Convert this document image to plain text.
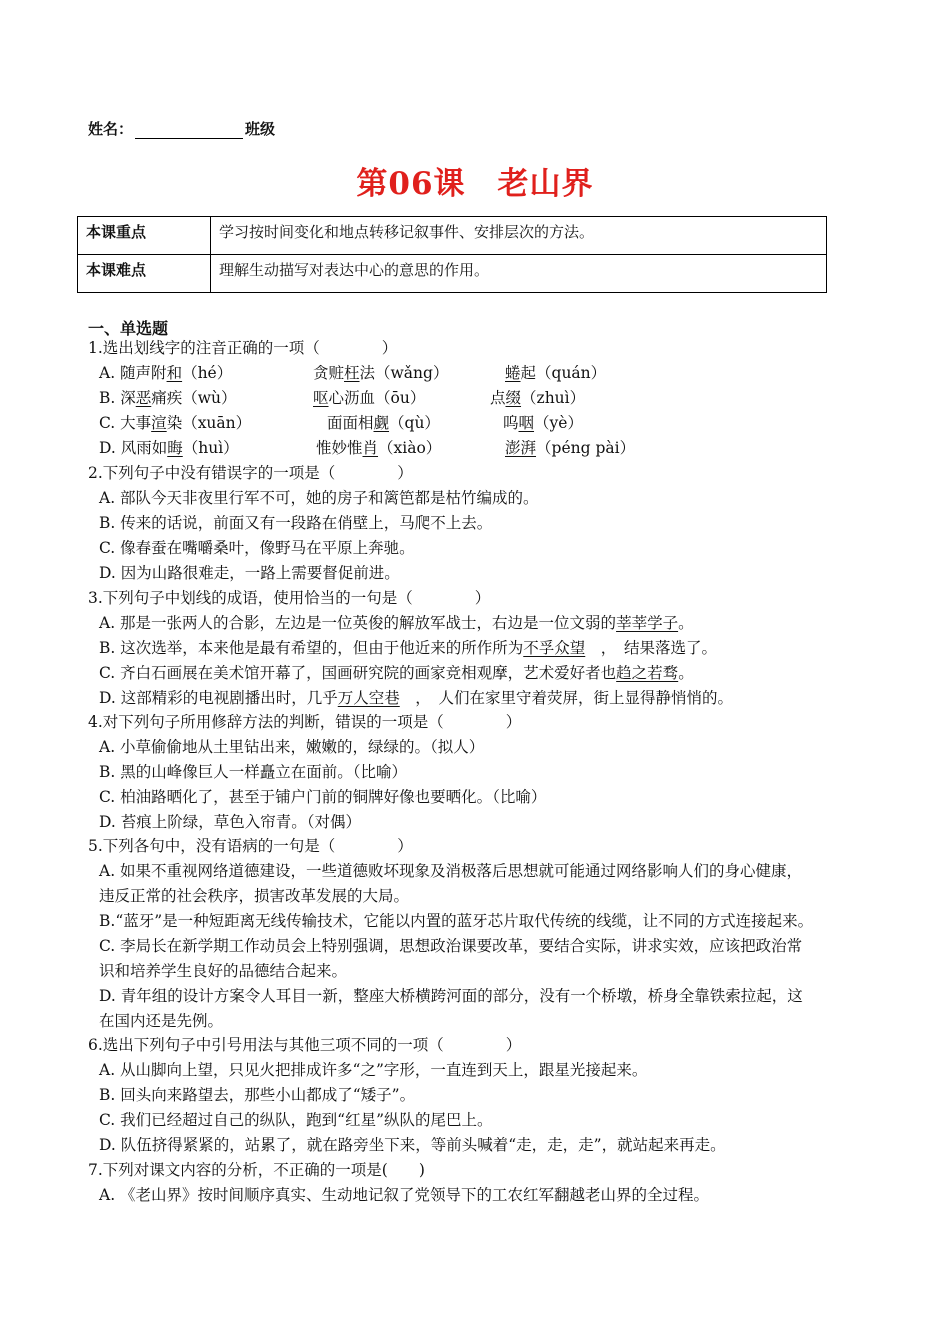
姓名：	班级
第06课　老山界
本课重点	学习按时间变化和地点转移记叙事件、安排层次的方法。
本课难点	理解生动描写对表达中心的意思的作用。
一、单选题
1.选出划线字的注音正确的一项（　　　　）
A. 随声附和（hé）	贪赃枉法（wǎng）	蜷起（quán）
B. 深恶痛疾（wù）	呕心沥血（ōu）	点缀（zhuì）
C. 大事渲染（xuān）	面面相觑（qù）	呜咽（yè）
D. 风雨如晦（huì）	惟妙惟肖（xiào）	澎湃（péng pài）
2.下列句子中没有错误字的一项是（　　　　）
A. 部队今天非夜里行军不可，她的房子和篱笆都是枯竹编成的。
B. 传来的话说，前面又有一段路在俏壁上，马爬不上去。
C. 像春蚕在嘴嚼桑叶，像野马在平原上奔驰。
D. 因为山路很难走，一路上需要督促前进。
3.下列句子中划线的成语，使用恰当的一句是（　　　　）
A. 那是一张两人的合影，左边是一位英俊的解放军战士，右边是一位文弱的莘莘学子。
B. 这次选举，本来他是最有希望的，但由于他近来的所作所为不孚众望　，　结果落选了。
C. 齐白石画展在美术馆开幕了，国画研究院的画家竞相观摩，艺术爱好者也趋之若骛。
D. 这部精彩的电视剧播出时，几乎万人空巷　，　人们在家里守着荧屏，街上显得静悄悄的。
4.对下列句子所用修辞方法的判断，错误的一项是（　　　　）
A. 小草偷偷地从土里钻出来，嫩嫩的，绿绿的。（拟人）
B. 黑的山峰像巨人一样矗立在面前。（比喻）
C. 柏油路晒化了，甚至于铺户门前的铜牌好像也要晒化。（比喻）
D. 苔痕上阶绿，草色入帘青。（对偶）
5.下列各句中，没有语病的一句是（　　　　）
A. 如果不重视网络道德建设，一些道德败坏现象及消极落后思想就可能通过网络影响人们的身心健康，
违反正常的社会秩序，损害改革发展的大局。
B.“蓝牙”是一种短距离无线传输技术，它能以内置的蓝牙芯片取代传统的线缆，让不同的方式连接起来。
C. 李局长在新学期工作动员会上特别强调，思想政治课要改革，要结合实际，讲求实效，应该把政治常
识和培养学生良好的品德结合起来。
D. 青年组的设计方案令人耳目一新，整座大桥横跨河面的部分，没有一个桥墩，桥身全靠铁索拉起，这
在国内还是先例。
6.选出下列句子中引号用法与其他三项不同的一项（　　　　）
A. 从山脚向上望，只见火把排成许多“之”字形，一直连到天上，跟星光接起来。
B. 回头向来路望去，那些小山都成了“矮子”。
C. 我们已经超过自己的纵队，跑到“红星”纵队的尾巴上。
D. 队伍挤得紧紧的，站累了，就在路旁坐下来，等前头喊着“走，走，走”，就站起来再走。
7.下列对课文内容的分析，不正确的一项是(　　)
A. 《老山界》按时间顺序真实、生动地记叙了党领导下的工农红军翻越老山界的全过程。
